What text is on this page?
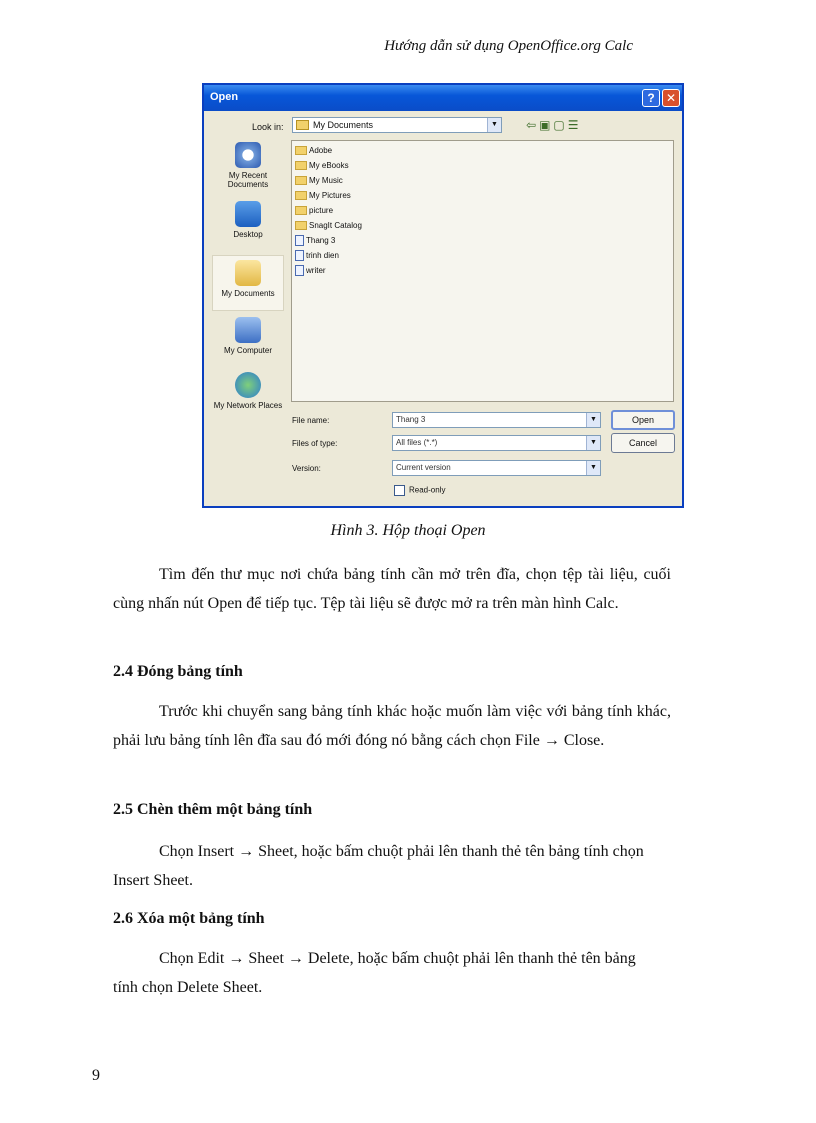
Hướng dẫn sử dụng OpenOffice.org Calc
Open	? ✕
Look in:	My Documents	▼ ⇦▣▢☰
My Recent Documents
Desktop
My Documents
My Computer
My Network Places
Adobe
My eBooks
My Music
My Pictures
picture
SnagIt Catalog
Thang 3
trinh dien
writer
File name:	Thang 3	▼
Files of type:	All files (*.*)	▼
Version:	Current version	▼
Read-only
Open
Cancel
Hình 3. Hộp thoại Open

Tìm đến thư mục nơi chứa bảng tính cần mở trên đĩa, chọn tệp tài liệu, cuối cùng nhấn nút Open để tiếp tục. Tệp tài liệu sẽ được mở ra trên màn hình Calc.

2.4 Đóng bảng tính

Trước khi chuyển sang bảng tính khác hoặc muốn làm việc với bảng tính khác, phải lưu bảng tính lên đĩa sau đó mới đóng nó bằng cách chọn File → Close.

2.5 Chèn thêm một bảng tính

Chọn Insert → Sheet, hoặc bấm chuột phải lên thanh thẻ tên bảng tính chọn Insert Sheet.

2.6 Xóa một bảng tính

Chọn Edit → Sheet → Delete, hoặc bấm chuột phải lên thanh thẻ tên bảng tính chọn Delete Sheet.

9
